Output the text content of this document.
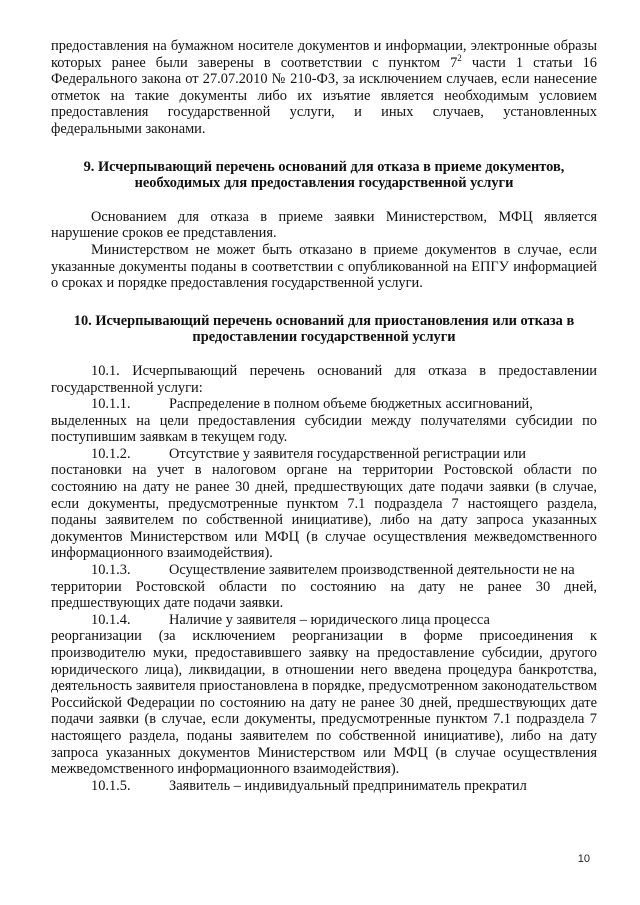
предоставления на бумажном носителе документов и информации, электронные образы которых ранее были заверены в соответствии с пунктом $7^2$ части 1 статьи 16 Федерального закона от 27.07.2010 № 210-ФЗ, за исключением случаев, если нанесение отметок на такие документы либо их изъятие является необходимым условием предоставления государственной услуги, и иных случаев, установленных федеральными законами.

9. Исчерпывающий перечень оснований для отказа в приеме документов,
необходимых для предоставления государственной услуги

Основанием для отказа в приеме заявки Министерством, МФЦ является нарушение сроков ее представления.

Министерством не может быть отказано в приеме документов в случае, если указанные документы поданы в соответствии с опубликованной на ЕПГУ информацией о сроках и порядке предоставления государственной услуги.

10. Исчерпывающий перечень оснований для приостановления или отказа в
предоставлении государственной услуги

10.1. Исчерпывающий перечень оснований для отказа в предоставлении государственной услуги:

10.1.1.	Распределение в полном объеме бюджетных ассигнований,

выделенных на цели предоставления субсидии между получателями субсидии по поступившим заявкам в текущем году.

10.1.2.	Отсутствие у заявителя государственной регистрации или

постановки на учет в налоговом органе на территории Ростовской области по состоянию на дату не ранее 30 дней, предшествующих дате подачи заявки (в случае, если документы, предусмотренные пунктом 7.1 подраздела 7 настоящего раздела, поданы заявителем по собственной инициативе), либо на дату запроса указанных документов Министерством или МФЦ (в случае осуществления межведомственного информационного взаимодействия).

10.1.3.	Осуществление заявителем производственной деятельности не на

территории Ростовской области по состоянию на дату не ранее 30 дней, предшествующих дате подачи заявки.

10.1.4.	Наличие у заявителя – юридического лица процесса

реорганизации (за исключением реорганизации в форме присоединения к производителю муки, предоставившего заявку на предоставление субсидии, другого юридического лица), ликвидации, в отношении него введена процедура банкротства, деятельность заявителя приостановлена в порядке, предусмотренном законодательством Российской Федерации по состоянию на дату не ранее 30 дней, предшествующих дате подачи заявки (в случае, если документы, предусмотренные пунктом 7.1 подраздела 7 настоящего раздела, поданы заявителем по собственной инициативе), либо на дату запроса указанных документов Министерством или МФЦ (в случае осуществления межведомственного информационного взаимодействия).

10.1.5.	Заявитель – индивидуальный предприниматель прекратил
10
